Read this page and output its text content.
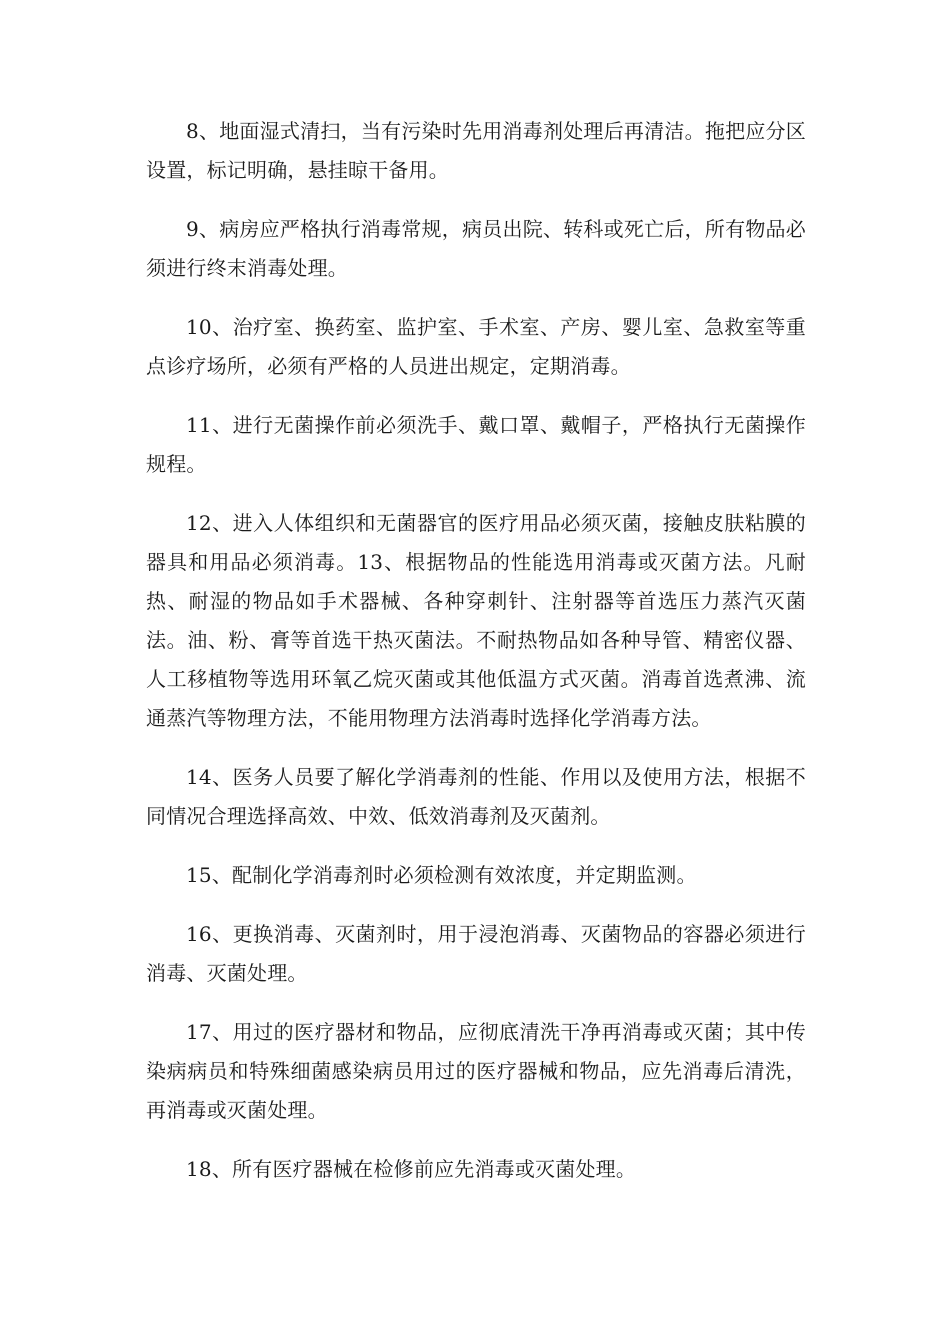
8、地面湿式清扫，当有污染时先用消毒剂处理后再清洁。拖把应分区设置，标记明确，悬挂晾干备用。

9、病房应严格执行消毒常规，病员出院、转科或死亡后，所有物品必须进行终末消毒处理。

10、治疗室、换药室、监护室、手术室、产房、婴儿室、急救室等重点诊疗场所，必须有严格的人员进出规定，定期消毒。

11、进行无菌操作前必须洗手、戴口罩、戴帽子，严格执行无菌操作规程。

12、进入人体组织和无菌器官的医疗用品必须灭菌，接触皮肤粘膜的器具和用品必须消毒。13、根据物品的性能选用消毒或灭菌方法。凡耐热、耐湿的物品如手术器械、各种穿刺针、注射器等首选压力蒸汽灭菌法。油、粉、膏等首选干热灭菌法。不耐热物品如各种导管、精密仪器、人工移植物等选用环氧乙烷灭菌或其他低温方式灭菌。消毒首选煮沸、流通蒸汽等物理方法，不能用物理方法消毒时选择化学消毒方法。

14、医务人员要了解化学消毒剂的性能、作用以及使用方法，根据不同情况合理选择高效、中效、低效消毒剂及灭菌剂。

15、配制化学消毒剂时必须检测有效浓度，并定期监测。

16、更换消毒、灭菌剂时，用于浸泡消毒、灭菌物品的容器必须进行消毒、灭菌处理。

17、用过的医疗器材和物品，应彻底清洗干净再消毒或灭菌；其中传染病病员和特殊细菌感染病员用过的医疗器械和物品，应先消毒后清洗，再消毒或灭菌处理。

18、所有医疗器械在检修前应先消毒或灭菌处理。
